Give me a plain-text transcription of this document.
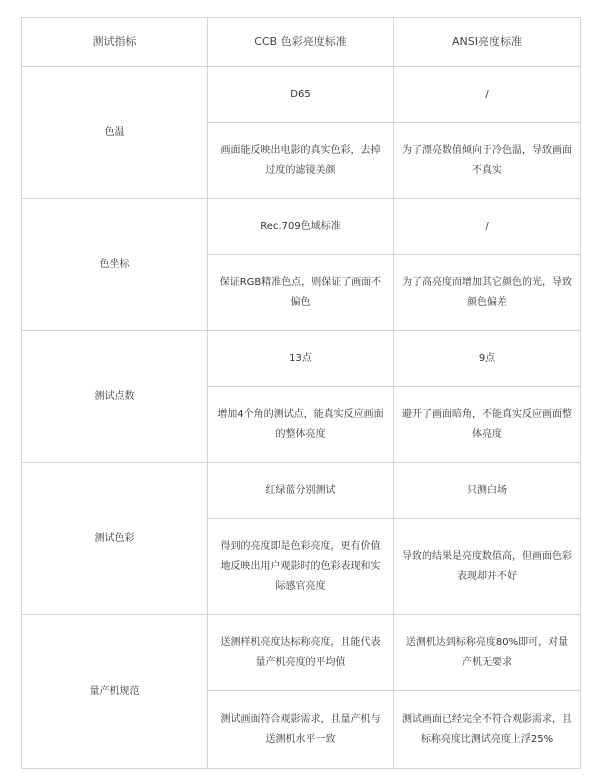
测试指标	CCB 色彩亮度标准	ANSI亮度标准
色温	D65	/
	画面能反映出电影的真实色彩，去掉过度的滤镜美颜	为了漂亮数值倾向于冷色温，导致画面不真实
色坐标	Rec.709色域标准	/
	保证RGB精准色点，则保证了画面不偏色	为了高亮度而增加其它颜色的光，导致颜色偏差
测试点数	13点	9点
	增加4个角的测试点，能真实反应画面的整体亮度	避开了画面暗角，不能真实反应画面整体亮度
测试色彩	红绿蓝分别测试	只测白场
	得到的亮度即是色彩亮度，更有价值地反映出用户观影时的色彩表现和实际感官亮度	导致的结果是亮度数值高，但画面色彩表现却并不好
量产机规范	送测样机亮度达标称亮度，且能代表量产机亮度的平均值	送测机达到标称亮度80%即可，对量产机无要求
	测试画面符合观影需求，且量产机与送测机水平一致	测试画面已经完全不符合观影需求，且标称亮度比测试亮度上浮25%
